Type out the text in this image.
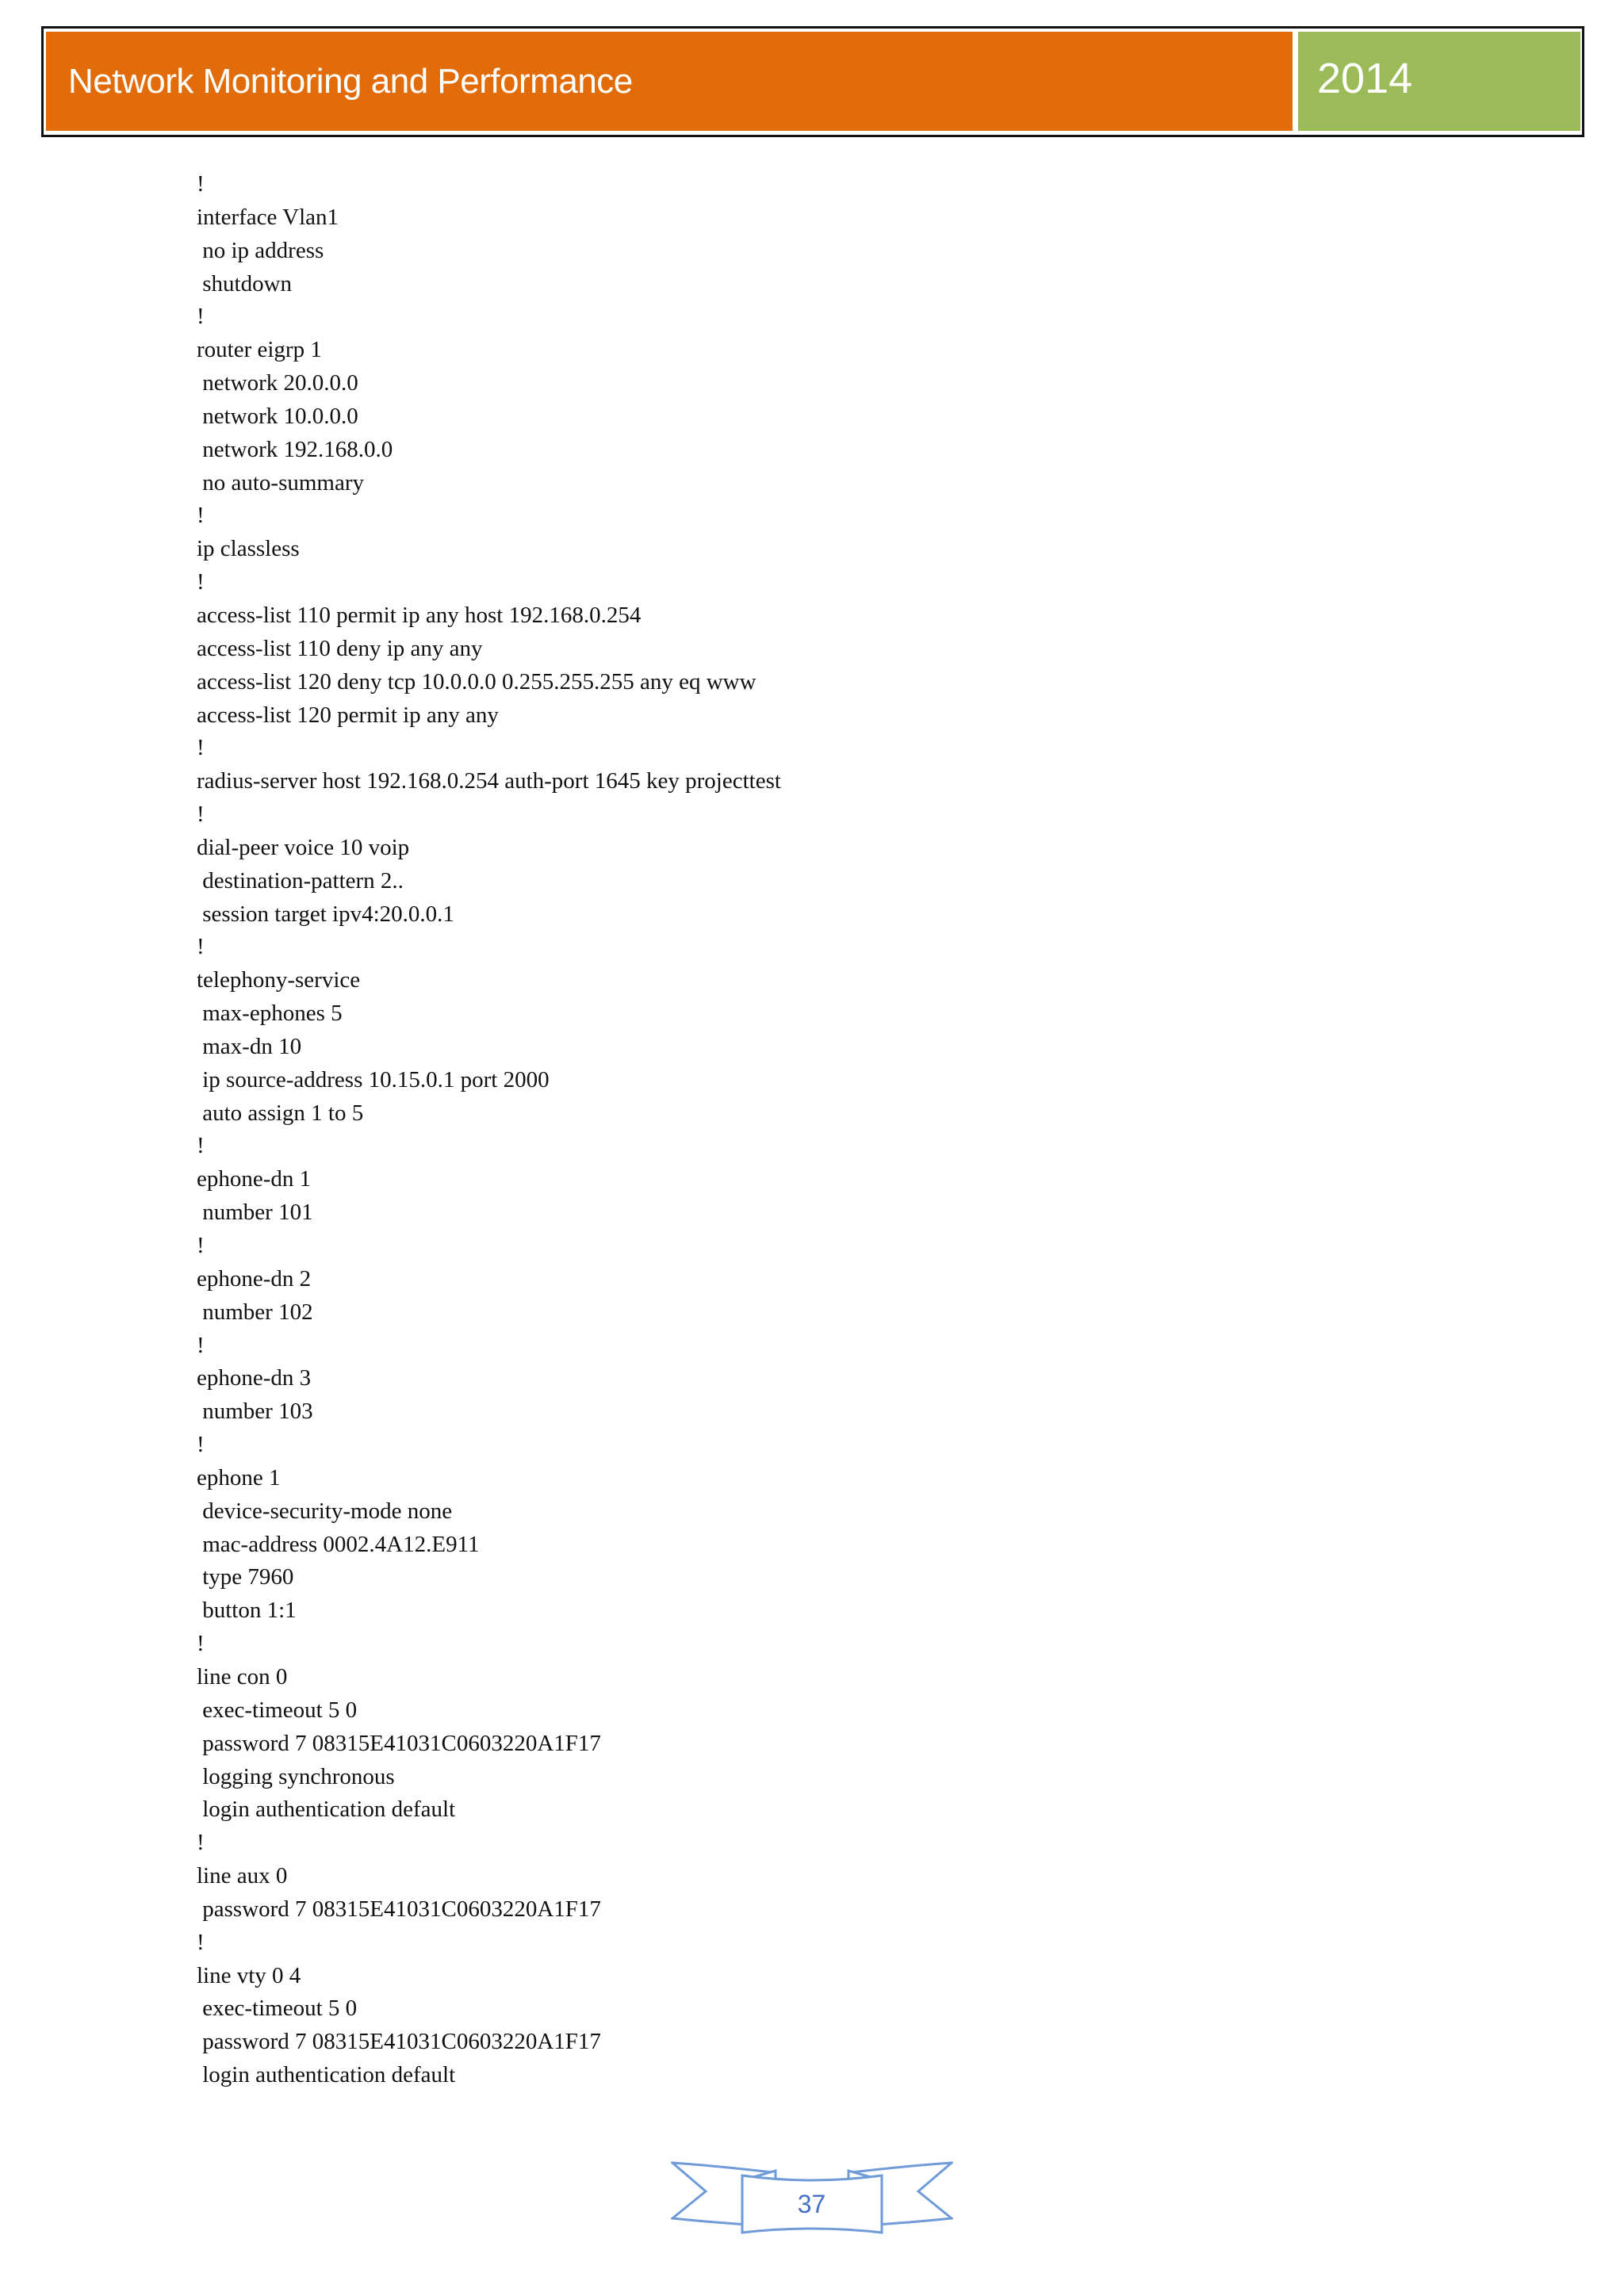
Network Monitoring and Performance	2014
!
interface Vlan1
no ip address
shutdown
!
router eigrp 1
network 20.0.0.0
network 10.0.0.0
network 192.168.0.0
no auto-summary
!
ip classless
!
access-list 110 permit ip any host 192.168.0.254
access-list 110 deny ip any any
access-list 120 deny tcp 10.0.0.0 0.255.255.255 any eq www
access-list 120 permit ip any any
!
radius-server host 192.168.0.254 auth-port 1645 key projecttest
!
dial-peer voice 10 voip
destination-pattern 2..
session target ipv4:20.0.0.1
!
telephony-service
max-ephones 5
max-dn 10
ip source-address 10.15.0.1 port 2000
auto assign 1 to 5
!
ephone-dn 1
number 101
!
ephone-dn 2
number 102
!
ephone-dn 3
number 103
!
ephone 1
device-security-mode none
mac-address 0002.4A12.E911
type 7960
button 1:1
!
line con 0
exec-timeout 5 0
password 7 08315E41031C0603220A1F17
logging synchronous
login authentication default
!
line aux 0
password 7 08315E41031C0603220A1F17
!
line vty 0 4
exec-timeout 5 0
password 7 08315E41031C0603220A1F17
login authentication default
37
